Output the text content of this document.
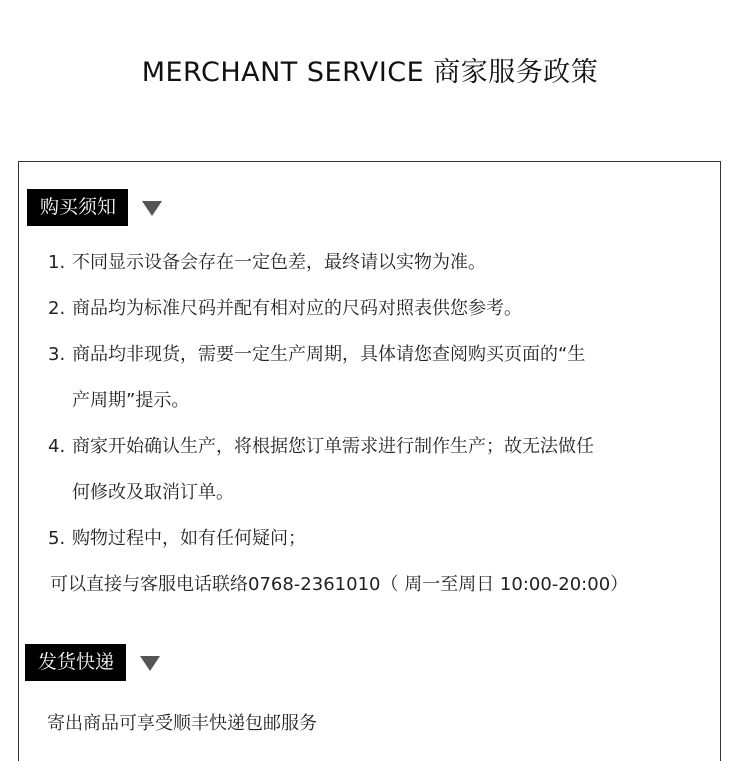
MERCHANT SERVICE 商家服务政策
购买须知
1. 不同显示设备会存在一定色差，最终请以实物为准。
2. 商品均为标准尺码并配有相对应的尺码对照表供您参考。
3. 商品均非现货，需要一定生产周期，具体请您查阅购买页面的“生
产周期”提示。
4. 商家开始确认生产，将根据您订单需求进行制作生产；故无法做任
何修改及取消订单。
5. 购物过程中，如有任何疑问；
可以直接与客服电话联络0768-2361010（ 周一至周日 10:00-20:00）
发货快递
寄出商品可享受顺丰快递包邮服务
